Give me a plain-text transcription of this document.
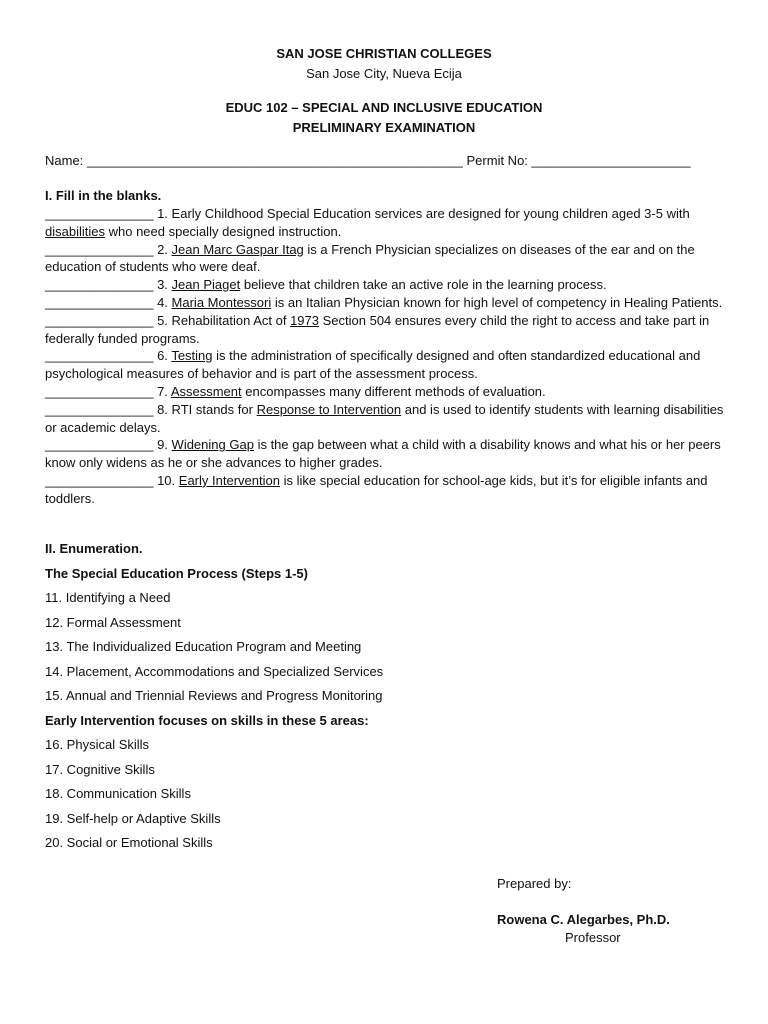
SAN JOSE CHRISTIAN COLLEGES
San Jose City, Nueva Ecija
EDUC 102 – SPECIAL AND INCLUSIVE EDUCATION
PRELIMINARY EXAMINATION
Name: ____________________________________________________ Permit No: ______________________
I. Fill in the blanks.

_______________ 1. Early Childhood Special Education services are designed for young children aged 3-5 with disabilities who need specially designed instruction.

_______________ 2. Jean Marc Gaspar Itag is a French Physician specializes on diseases of the ear and on the education of students who were deaf.

_______________ 3. Jean Piaget believe that children take an active role in the learning process.

_______________ 4. Maria Montessori is an Italian Physician known for high level of competency in Healing Patients.

_______________ 5. Rehabilitation Act of 1973 Section 504 ensures every child the right to access and take part in federally funded programs.

_______________ 6. Testing is the administration of specifically designed and often standardized educational and psychological measures of behavior and is part of the assessment process.

_______________ 7. Assessment encompasses many different methods of evaluation.

_______________ 8. RTI stands for Response to Intervention and is used to identify students with learning disabilities or academic delays.

_______________ 9. Widening Gap is the gap between what a child with a disability knows and what his or her peers know only widens as he or she advances to higher grades.

_______________ 10. Early Intervention is like special education for school-age kids, but it’s for eligible infants and toddlers.

II. Enumeration.
The Special Education Process (Steps 1-5)
11. Identifying a Need
12. Formal Assessment
13. The Individualized Education Program and Meeting
14. Placement, Accommodations and Specialized Services
15. Annual and Triennial Reviews and Progress Monitoring
Early Intervention focuses on skills in these 5 areas:
16. Physical Skills
17. Cognitive Skills
18. Communication Skills
19. Self-help or Adaptive Skills
20. Social or Emotional Skills
Prepared by:
Rowena C. Alegarbes, Ph.D.
Professor
